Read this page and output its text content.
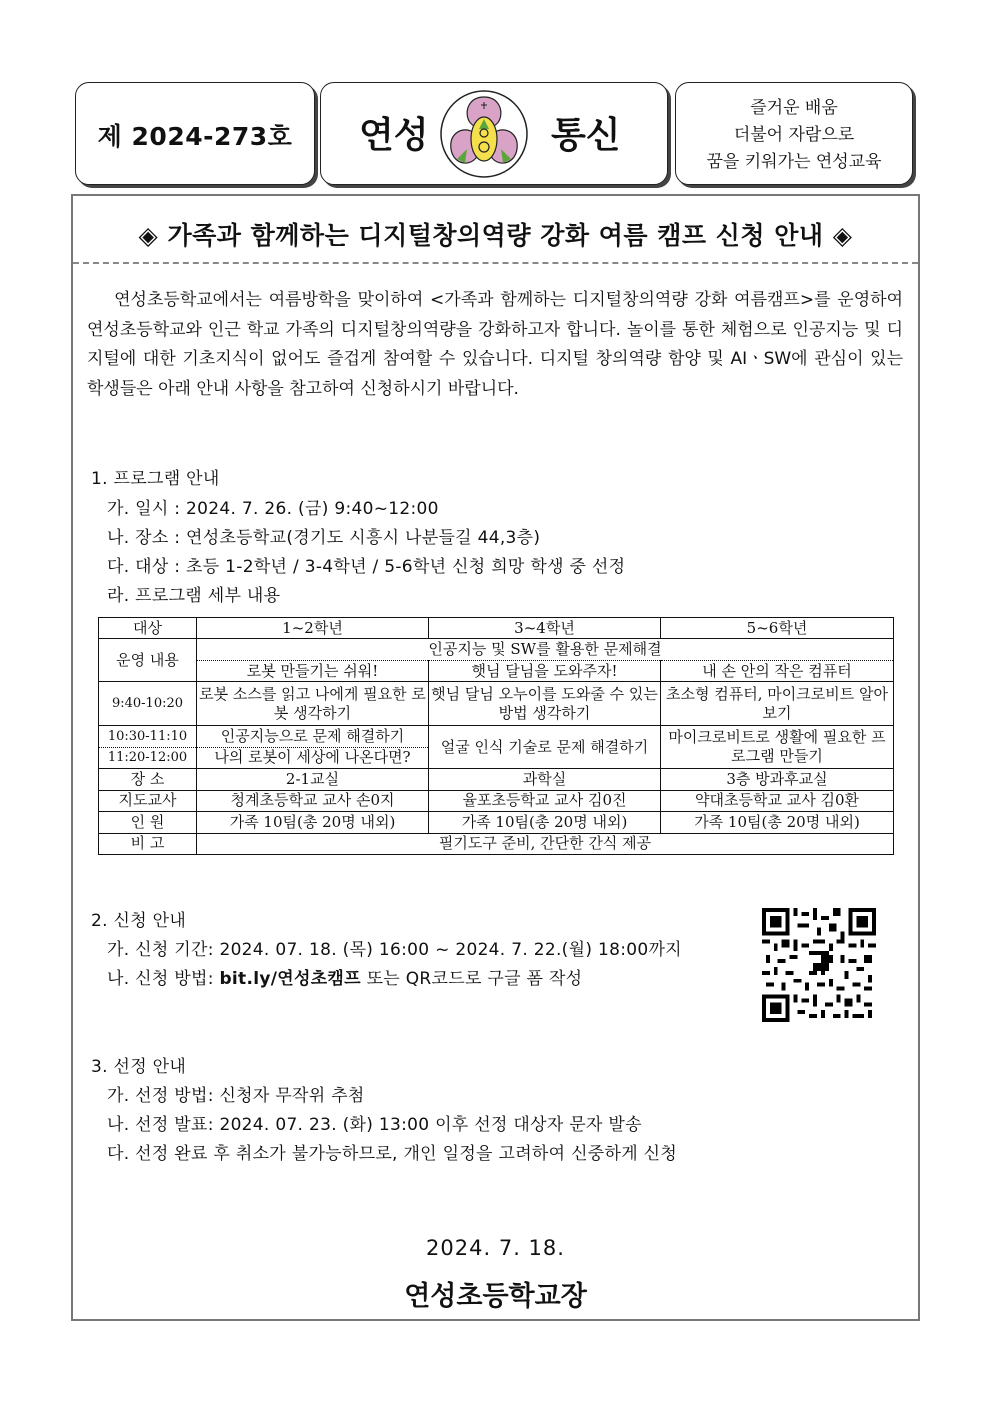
제 2024-273호	연성	통신
즐거운 배움
더불어 자람으로
꿈을 키워가는 연성교육
◈ 가족과 함께하는 디지털창의역량 강화 여름 캠프 신청 안내 ◈
연성초등학교에서는 여름방학을 맞이하여 <가족과 함께하는 디지털창의역량 강화 여름캠프>를 운영하여 연성초등학교와 인근 학교 가족의 디지털창의역량을 강화하고자 합니다. 놀이를 통한 체험으로 인공지능 및 디지털에 대한 기초지식이 없어도 즐겁게 참여할 수 있습니다. 디지털 창의역량 함양 및 AIㆍSW에 관심이 있는 학생들은 아래 안내 사항을 참고하여 신청하시기 바랍니다.
1. 프로그램 안내
가. 일시 : 2024. 7. 26. (금) 9:40~12:00
나. 장소 : 연성초등학교(경기도 시흥시 나분들길 44,3층)
다. 대상 : 초등 1-2학년 / 3-4학년 / 5-6학년 신청 희망 학생 중 선정
라. 프로그램 세부 내용
대상	1~2학년	3~4학년	5~6학년
운영 내용	인공지능 및 SW를 활용한 문제해결		
	로봇 만들기는 쉬워!	햇님 달님을 도와주자!	내 손 안의 작은 컴퓨터
9:40-10:20	로봇 소스를 읽고 나에게 필요한 로봇 생각하기	햇님 달님 오누이를 도와줄 수 있는 방법 생각하기	초소형 컴퓨터, 마이크로비트 알아보기
10:30-11:10	인공지능으로 문제 해결하기	얼굴 인식 기술로 문제 해결하기	마이크로비트로 생활에 필요한 프로그램 만들기
11:20-12:00	나의 로봇이 세상에 나온다면?		
장 소	2-1교실	과학실	3층 방과후교실
지도교사	청계초등학교 교사 손0지	율포초등학교 교사 김0진	약대초등학교 교사 김0환
인 원	가족 10팀(총 20명 내외)	가족 10팀(총 20명 내외)	가족 10팀(총 20명 내외)
비 고	필기도구 준비, 간단한 간식 제공		
2. 신청 안내
가. 신청 기간: 2024. 07. 18. (목) 16:00 ~ 2024. 7. 22.(월) 18:00까지
나. 신청 방법: bit.ly/연성초캠프 또는 QR코드로 구글 폼 작성
3. 선정 안내
가. 선정 방법: 신청자 무작위 추첨
나. 선정 발표: 2024. 07. 23. (화) 13:00 이후 선정 대상자 문자 발송
다. 선정 완료 후 취소가 불가능하므로, 개인 일정을 고려하여 신중하게 신청
2024. 7. 18.
연성초등학교장
